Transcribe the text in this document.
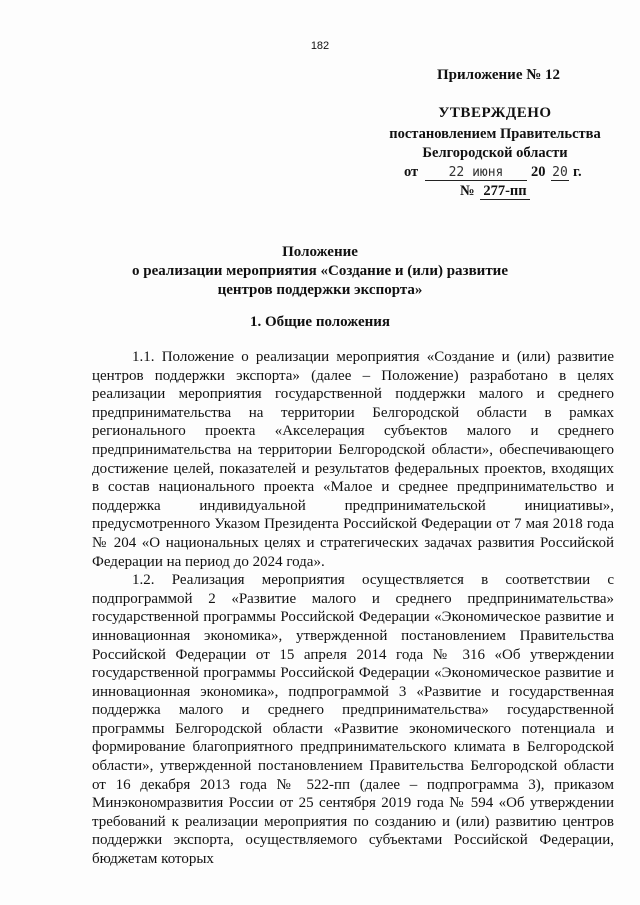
182
Приложение № 12
УТВЕРЖДЕНО
постановлением Правительства
Белгородской области
от	22 июня	20 20 г.
№ 277-пп
Положение
о реализации мероприятия «Создание и (или) развитие
центров поддержки экспорта»
1. Общие положения

1.1. Положение о реализации мероприятия «Создание и (или) развитие центров поддержки экспорта» (далее – Положение) разработано в целях реализации мероприятия государственной поддержки малого и среднего предпринимательства на территории Белгородской области в рамках регионального проекта «Акселерация субъектов малого и среднего предпринимательства на территории Белгородской области», обеспечивающего достижение целей, показателей и результатов федеральных проектов, входящих в состав национального проекта «Малое и среднее предпринимательство и поддержка индивидуальной предпринимательской инициативы», предусмотренного Указом Президента Российской Федерации от 7 мая 2018 года № 204 «О национальных целях и стратегических задачах развития Российской Федерации на период до 2024 года».

1.2. Реализация мероприятия осуществляется в соответствии с подпрограммой 2 «Развитие малого и среднего предпринимательства» государственной программы Российской Федерации «Экономическое развитие и инновационная экономика», утвержденной постановлением Правительства Российской Федерации от 15 апреля 2014 года № 316 «Об утверждении государственной программы Российской Федерации «Экономическое развитие и инновационная экономика», подпрограммой 3 «Развитие и государственная поддержка малого и среднего предпринимательства» государственной программы Белгородской области «Развитие экономического потенциала и формирование благоприятного предпринимательского климата в Белгородской области», утвержденной постановлением Правительства Белгородской области от 16 декабря 2013 года № 522-пп (далее – подпрограмма 3), приказом Минэкономразвития России от 25 сентября 2019 года № 594 «Об утверждении требований к реализации мероприятия по созданию и (или) развитию центров поддержки экспорта, осуществляемого субъектами Российской Федерации, бюджетам которых
